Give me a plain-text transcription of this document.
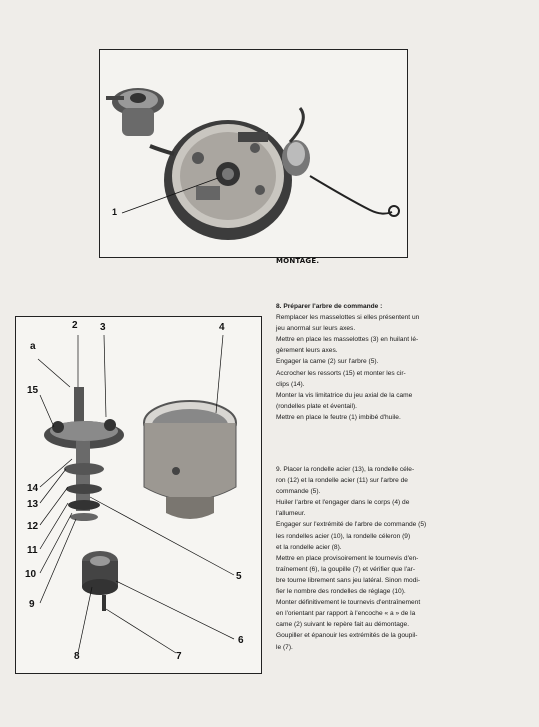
1
MONTAGE.
2 3	4
a
15
14
13
12
11
10
9
5
6
7
8
8. Préparer l'arbre de commande :
Remplacer les masselottes si elles présentent un
jeu anormal sur leurs axes.
Mettre en place les masselottes (3) en huilant lé-
gèrement leurs axes.
Engager la came (2) sur l'arbre (5).
Accrocher les ressorts (15) et monter les cir-
clips (14).
Monter la vis limitatrice du jeu axial de la came
(rondelles plate et éventail).
Mettre en place le feutre (1) imbibé d'huile.
9. Placer la rondelle acier (13), la rondelle céle-
ron (12) et la rondelle acier (11) sur l'arbre de
commande (5).
Huiler l'arbre et l'engager dans le corps (4) de
l'allumeur.
Engager sur l'extrémité de l'arbre de commande (5)
les rondelles acier (10), la rondelle céleron (9)
et la rondelle acier (8).
Mettre en place provisoirement le tournevis d'en-
traînement (6), la goupille (7) et vérifier que l'ar-
bre tourne librement sans jeu latéral. Sinon modi-
fier le nombre des rondelles de réglage (10).
Monter définitivement le tournevis d'entraînement
en l'orientant par rapport à l'encoche « a » de la
came (2) suivant le repère fait au démontage.
Goupiller et épanouir les extrémités de la goupil-
le (7).
